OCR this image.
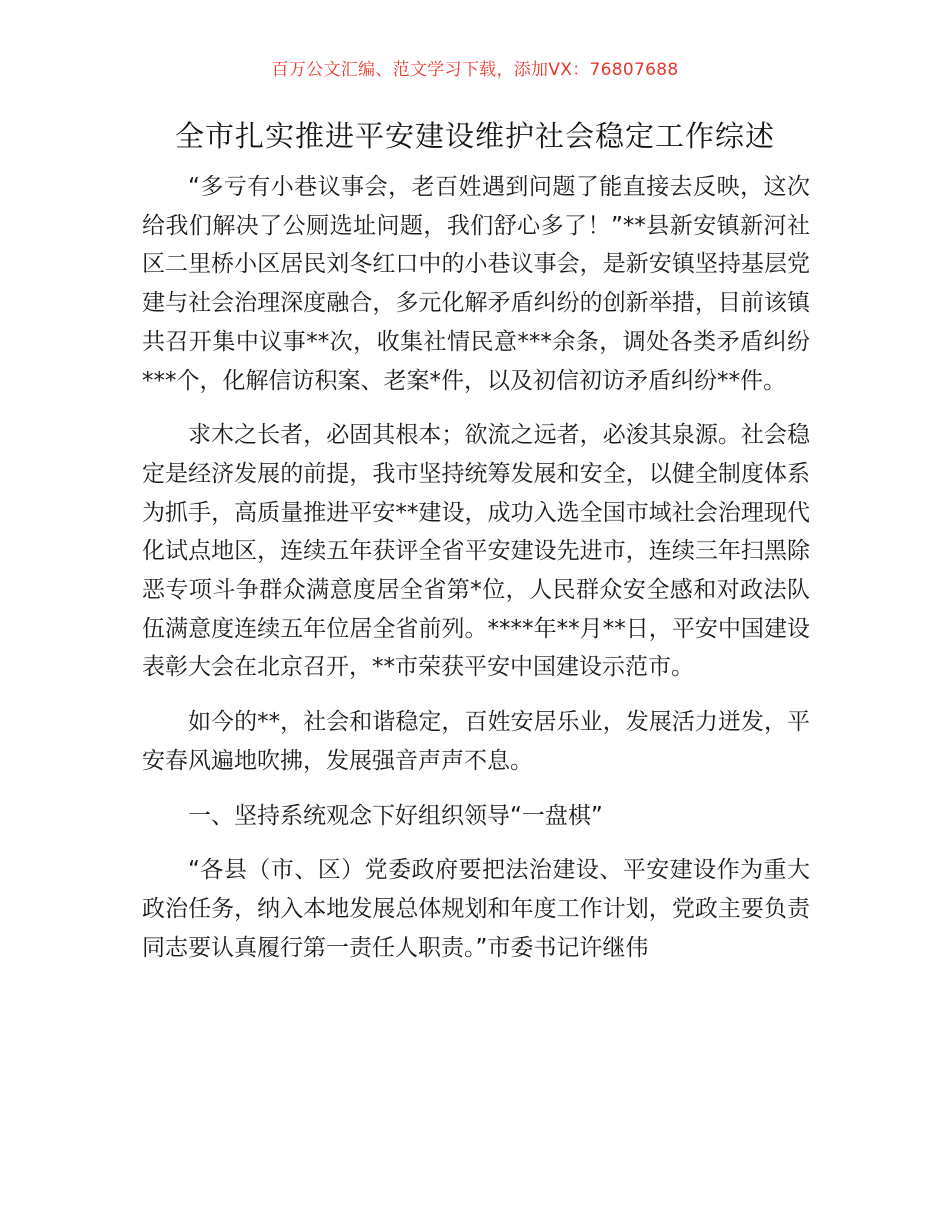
百万公文汇编、范文学习下载，添加VX：76807688
全市扎实推进平安建设维护社会稳定工作综述

“多亏有小巷议事会，老百姓遇到问题了能直接去反映，这次给我们解决了公厕选址问题，我们舒心多了！”**县新安镇新河社区二里桥小区居民刘冬红口中的小巷议事会，是新安镇坚持基层党建与社会治理深度融合，多元化解矛盾纠纷的创新举措，目前该镇共召开集中议事**次，收集社情民意***余条，调处各类矛盾纠纷***个，化解信访积案、老案*件，以及初信初访矛盾纠纷**件。

求木之长者，必固其根本；欲流之远者，必浚其泉源。社会稳定是经济发展的前提，我市坚持统筹发展和安全，以健全制度体系为抓手，高质量推进平安**建设，成功入选全国市域社会治理现代化试点地区，连续五年获评全省平安建设先进市，连续三年扫黑除恶专项斗争群众满意度居全省第*位，人民群众安全感和对政法队伍满意度连续五年位居全省前列。****年**月**日，平安中国建设表彰大会在北京召开，**市荣获平安中国建设示范市。

如今的**，社会和谐稳定，百姓安居乐业，发展活力迸发，平安春风遍地吹拂，发展强音声声不息。

一、坚持系统观念下好组织领导“一盘棋”

“各县（市、区）党委政府要把法治建设、平安建设作为重大政治任务，纳入本地发展总体规划和年度工作计划，党政主要负责同志要认真履行第一责任人职责。”市委书记许继伟
